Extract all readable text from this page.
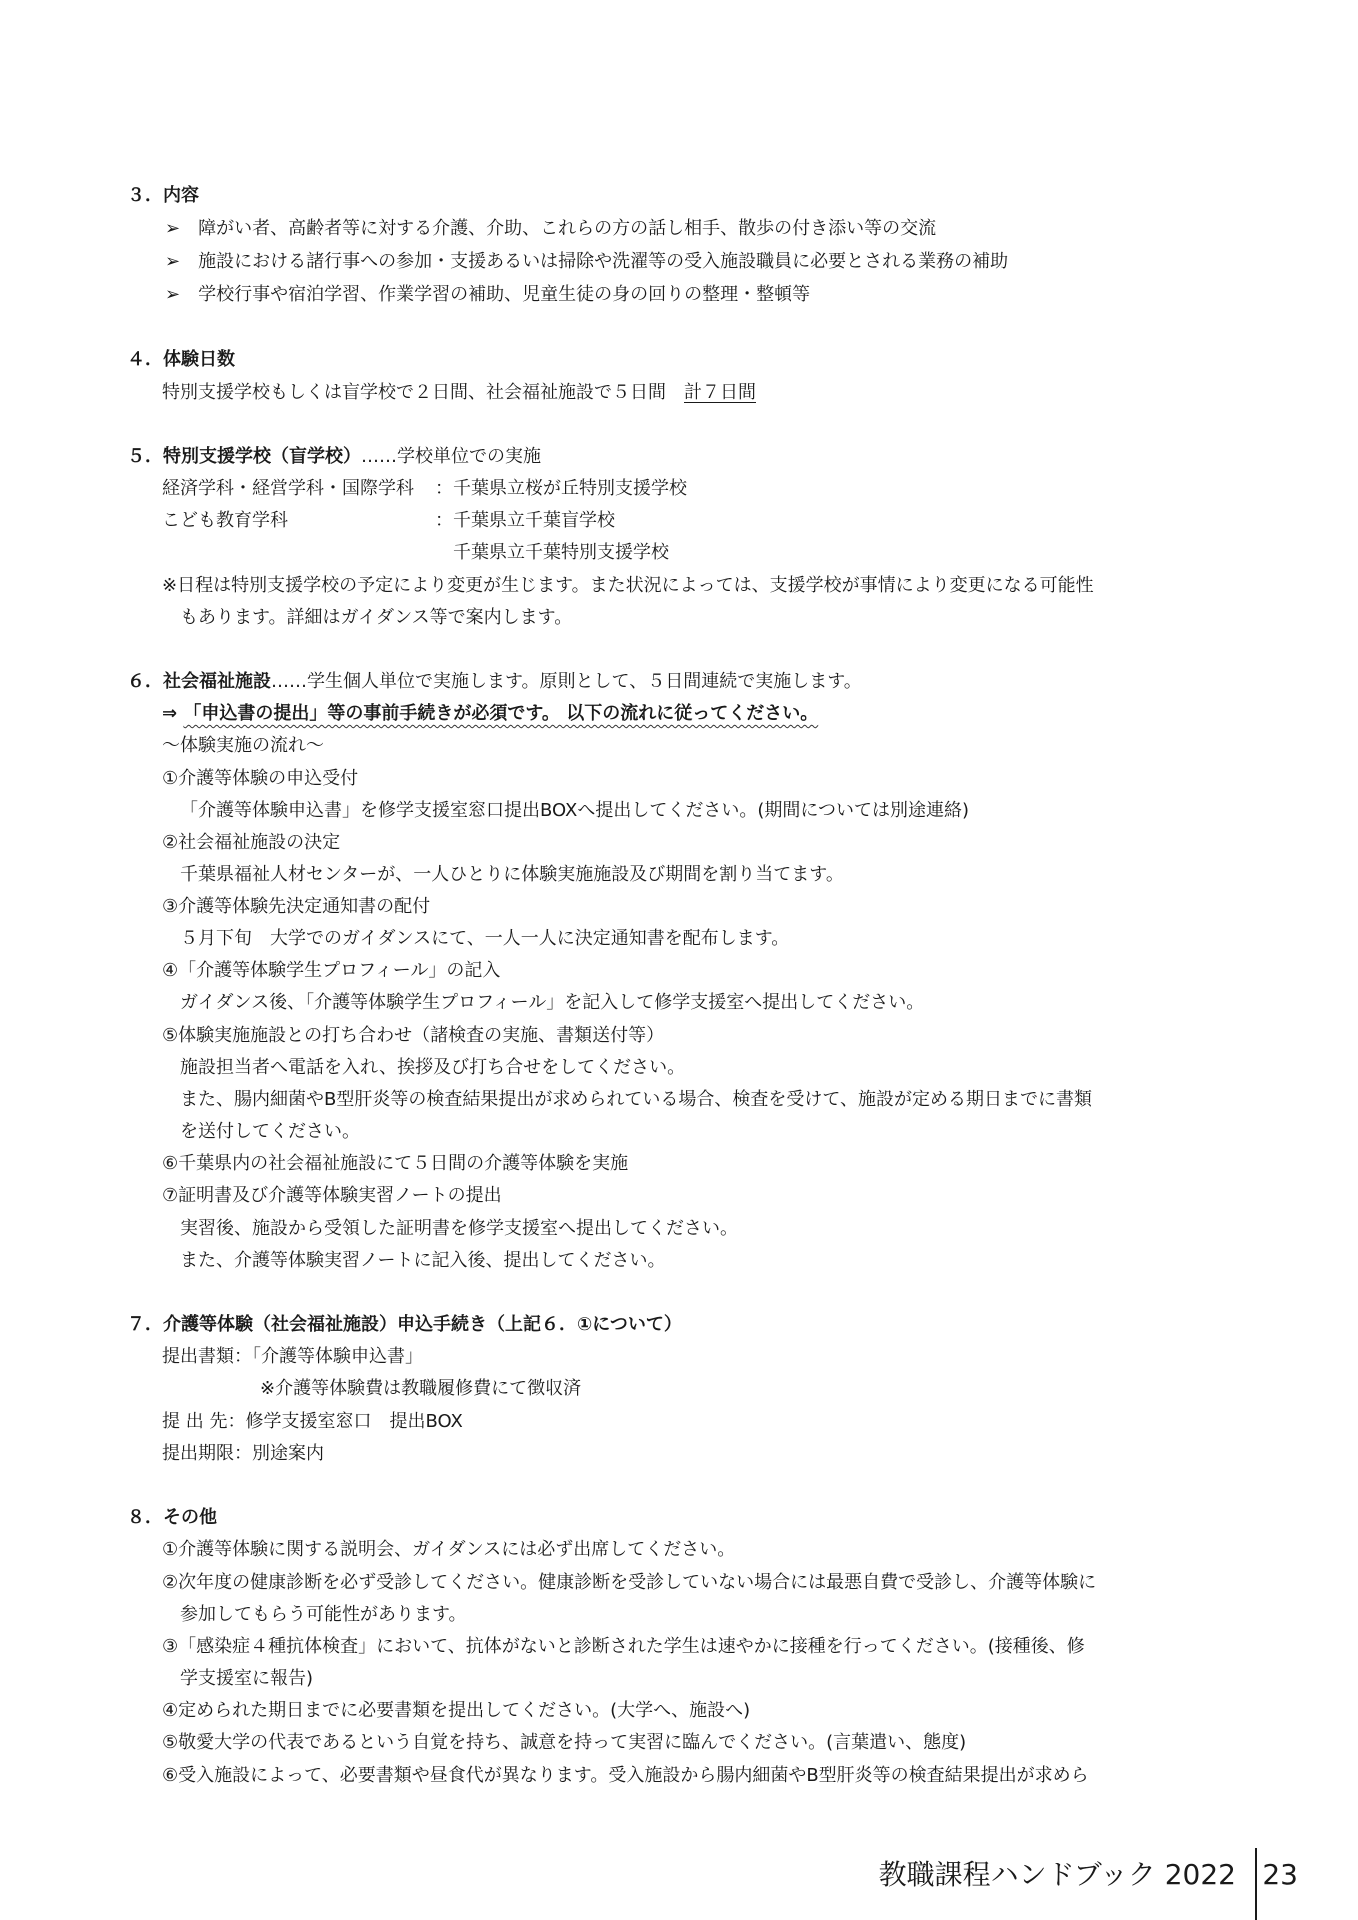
３．内容
➢　障がい者、高齢者等に対する介護、介助、これらの方の話し相手、散歩の付き添い等の交流
➢　施設における諸行事への参加・支援あるいは掃除や洗濯等の受入施設職員に必要とされる業務の補助
➢　学校行事や宿泊学習、作業学習の補助、児童生徒の身の回りの整理・整頓等
４．体験日数
特別支援学校もしくは盲学校で２日間、社会福祉施設で５日間　計７日間
５．特別支援学校（盲学校）……学校単位での実施
経済学科・経営学科・国際学科 ：千葉県立桜が丘特別支援学校
こども教育学科	：千葉県立千葉盲学校
千葉県立千葉特別支援学校
※日程は特別支援学校の予定により変更が生じます。また状況によっては、支援学校が事情により変更になる可能性
もあります。詳細はガイダンス等で案内します。
６．社会福祉施設……学生個人単位で実施します。原則として、５日間連続で実施します。
⇒ 「申込書の提出」等の事前手続きが必須です。 以下の流れに従ってください。
～体験実施の流れ～
①介護等体験の申込受付
「介護等体験申込書」を修学支援室窓口提出BOXへ提出してください。(期間については別途連絡)
②社会福祉施設の決定
千葉県福祉人材センターが、一人ひとりに体験実施施設及び期間を割り当てます。
③介護等体験先決定通知書の配付
５月下旬　大学でのガイダンスにて、一人一人に決定通知書を配布します。
④「介護等体験学生プロフィール」の記入
ガイダンス後、「介護等体験学生プロフィール」を記入して修学支援室へ提出してください。
⑤体験実施施設との打ち合わせ（諸検査の実施、書類送付等）
施設担当者へ電話を入れ、挨拶及び打ち合せをしてください。
また、腸内細菌やB型肝炎等の検査結果提出が求められている場合、検査を受けて、施設が定める期日までに書類
を送付してください。
⑥千葉県内の社会福祉施設にて５日間の介護等体験を実施
⑦証明書及び介護等体験実習ノートの提出
実習後、施設から受領した証明書を修学支援室へ提出してください。
また、介護等体験実習ノートに記入後、提出してください。
７．介護等体験（社会福祉施設）申込手続き（上記６．①について）
提出書類：「介護等体験申込書」
※介護等体験費は教職履修費にて徴収済
提 出 先：修学支援室窓口　提出BOX
提出期限：別途案内
８．その他
①介護等体験に関する説明会、ガイダンスには必ず出席してください。
②次年度の健康診断を必ず受診してください。健康診断を受診していない場合には最悪自費で受診し、介護等体験に
参加してもらう可能性があります。
③「感染症４種抗体検査」において、抗体がないと診断された学生は速やかに接種を行ってください。(接種後、修
学支援室に報告)
④定められた期日までに必要書類を提出してください。(大学へ、施設へ)
⑤敬愛大学の代表であるという自覚を持ち、誠意を持って実習に臨んでください。(言葉遣い、態度)
⑥受入施設によって、必要書類や昼食代が異なります。受入施設から腸内細菌やB型肝炎等の検査結果提出が求めら
教職課程ハンドブック 2022 23
